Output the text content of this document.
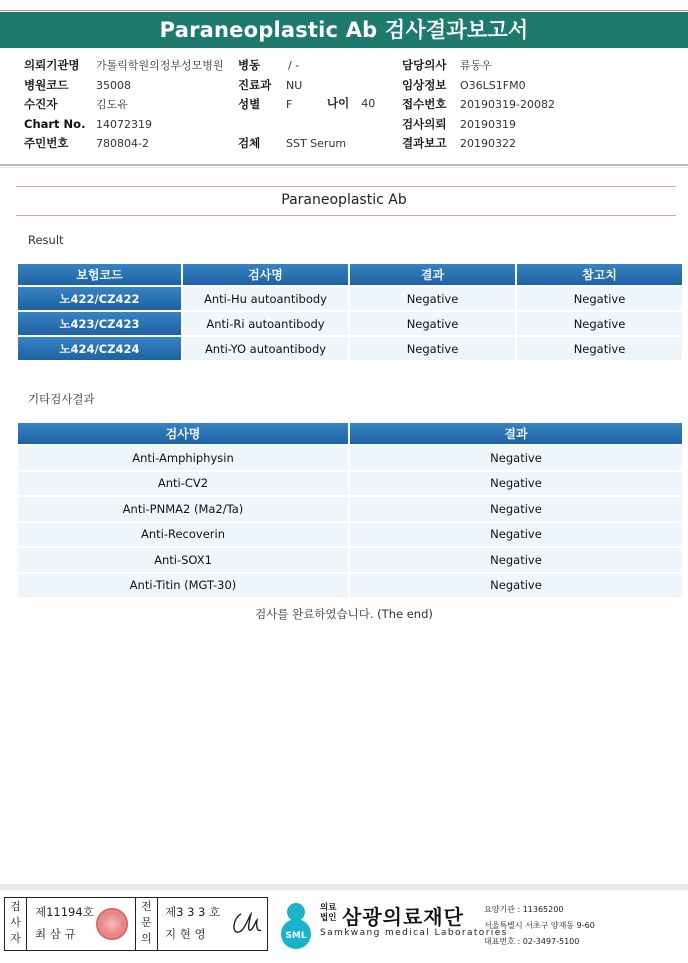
Paraneoplastic Ab 검사결과보고서
의뢰기관명	가톨릭학원의정부성모병원
병원코드	35008
수진자	김도유
Chart No. 14072319
주민번호	780804-2
병동	/ -
진료과	NU
성별	F
검체	SST Serum
나이 40
담당의사	류동우
임상정보	O36LS1FM0
접수번호	20190319-20082
검사의뢰	20190319
결과보고	20190322
Paraneoplastic Ab
Result
보험코드	검사명	결과	참고치
노422/CZ422	Anti-Hu autoantibody	Negative	Negative
노423/CZ423	Anti-Ri autoantibody	Negative	Negative
노424/CZ424	Anti-YO autoantibody	Negative	Negative
기타검사결과
검사명	결과
Anti-Amphiphysin	Negative
Anti-CV2	Negative
Anti-PNMA2 (Ma2/Ta)	Negative
Anti-Recoverin	Negative
Anti-SOX1	Negative
Anti-Titin (MGT-30)	Negative
검사를 완료하였습니다. (The end)
검사자
제11194호
최 삼 규
전문의
제3 3 3 호
지 현 영	SML
의료법인 삼광의료재단
Samkwang medical Laboratories
요양기관 : 11365200
서울특별시 서초구 양재동 9-60
대표번호 : 02-3497-5100
